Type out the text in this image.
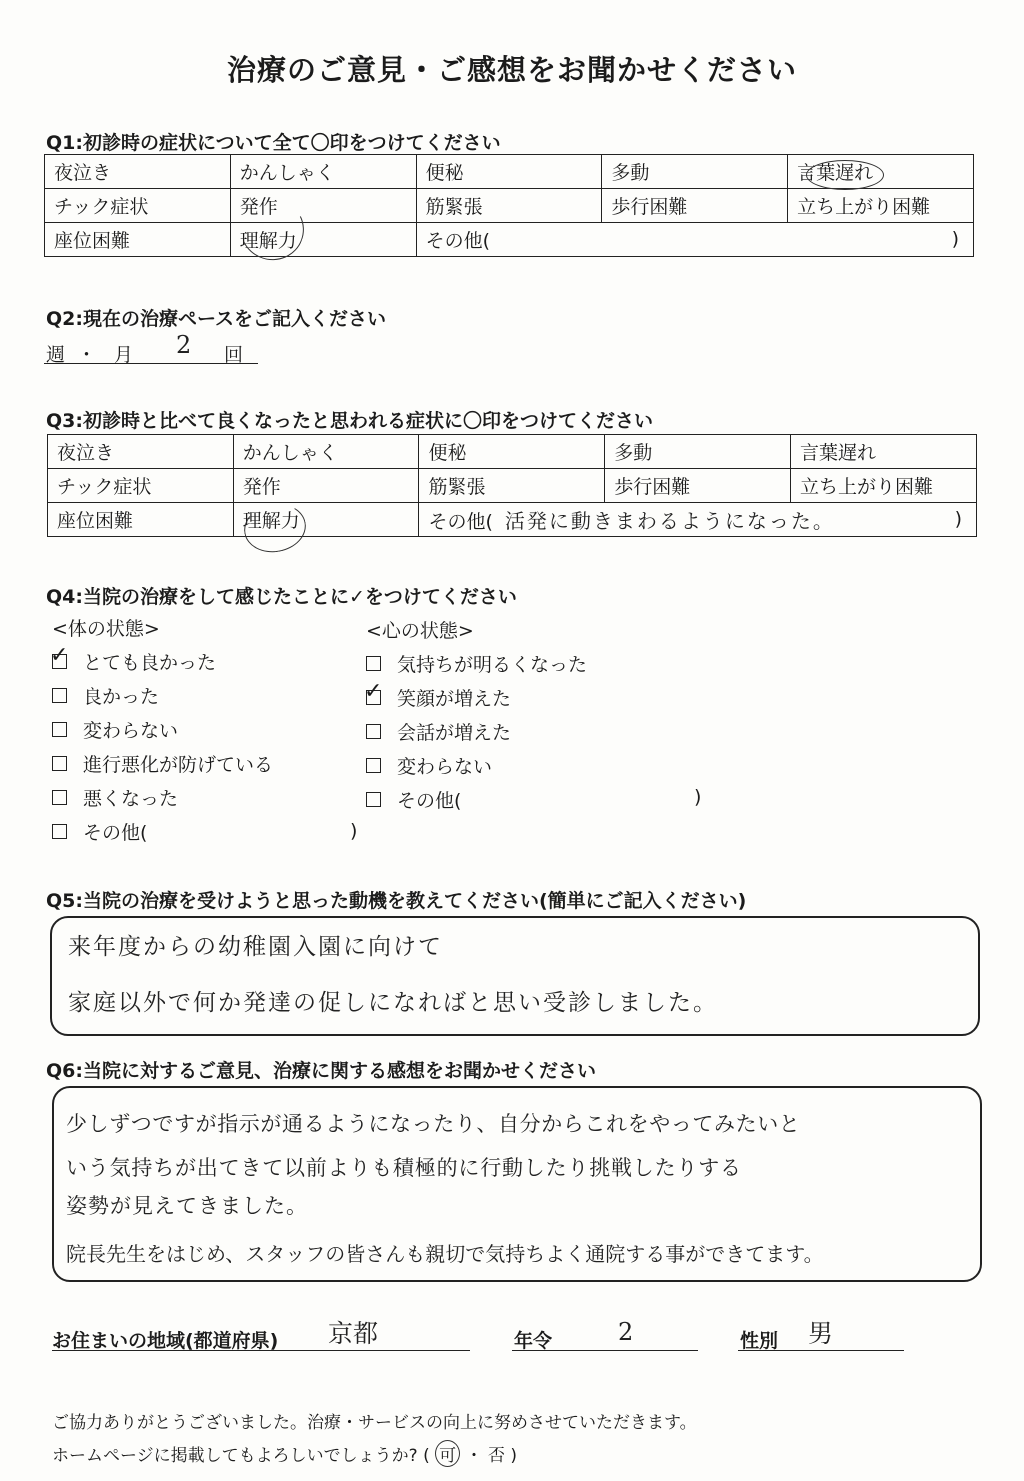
治療のご意見・ご感想をお聞かせください
Q1:初診時の症状について全て〇印をつけてください
夜泣き	かんしゃく	便秘	多動	言葉遅れ
チック症状	発作	筋緊張	歩行困難	立ち上がり困難
座位困難	理解力	その他( )		
Q2:現在の治療ペースをご記入ください
週 ・ 月 2 回
Q3:初診時と比べて良くなったと思われる症状に〇印をつけてください
夜泣き	かんしゃく	便秘	多動	言葉遅れ
チック症状	発作	筋緊張	歩行困難	立ち上がり困難
座位困難	理解力	その他( 活発に動きまわるようになった。 )		
Q4:当院の治療をして感じたことに✓をつけてください
<体の状態>	<心の状態>
✓ とても良かった
良かった
変わらない
進行悪化が防げている
悪くなった
その他(	)
気持ちが明るくなった
✓ 笑顔が増えた
会話が増えた
変わらない
その他(	)
Q5:当院の治療を受けようと思った動機を教えてください(簡単にご記入ください)
来年度からの幼稚園入園に向けて
家庭以外で何か発達の促しになればと思い受診しました。
Q6:当院に対するご意見、治療に関する感想をお聞かせください
少しずつですが指示が通るようになったり、自分からこれをやってみたいと
いう気持ちが出てきて以前よりも積極的に行動したり挑戦したりする
姿勢が見えてきました。
院長先生をはじめ、スタッフの皆さんも親切で気持ちよく通院する事ができてます。
お住まいの地域(都道府県) 京都	年令	2	性別 男
ご協力ありがとうございました。治療・サービスの向上に努めさせていただきます。
ホームページに掲載してもよろしいでしょうか? ( 可 ・ 否 )
